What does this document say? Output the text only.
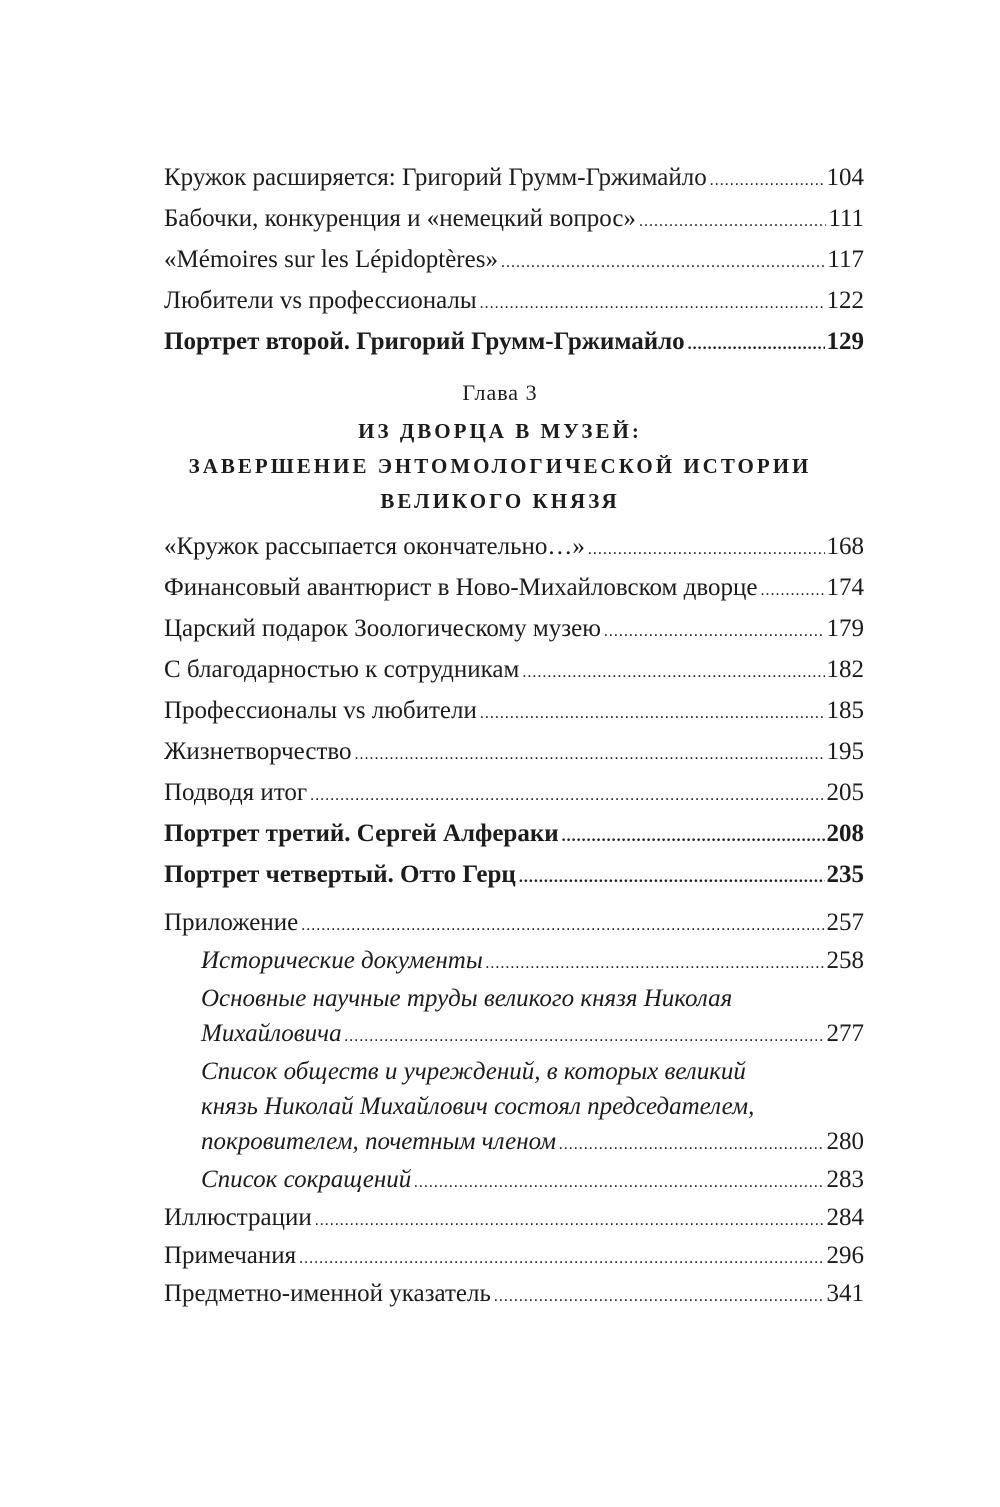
Кружок расширяется: Григорий Грумм-Гржимайло .....	104
Бабочки, конкуренция и «немецкий вопрос» .....	111
«Mémoires sur les Lépidoptères» .....	117
Любители vs профессионалы .....	122
Портрет второй. Григорий Грумм-Гржимайло .....	129
Глава 3
ИЗ ДВОРЦА В МУЗЕЙ:
ЗАВЕРШЕНИЕ ЭНТОМОЛОГИЧЕСКОЙ ИСТОРИИ
ВЕЛИКОГО КНЯЗЯ
«Кружок рассыпается окончательно…» .....	168
Финансовый авантюрист в Ново-Михайловском дворце .....	174
Царский подарок Зоологическому музею .....	179
С благодарностью к сотрудникам .....	182
Профессионалы vs любители .....	185
Жизнетворчество .....	195
Подводя итог .....	205
Портрет третий. Сергей Алфераки .....	208
Портрет четвертый. Отто Герц .....	235
Приложение .....	257
Исторические документы .....	258
Основные научные труды великого князя Николая
Михайловича .....	277
Список обществ и учреждений, в которых великий
князь Николай Михайлович состоял председателем,
покровителем, почетным членом .....	280
Список сокращений .....	283
Иллюстрации .....	284
Примечания .....	296
Предметно-именной указатель .....	341
